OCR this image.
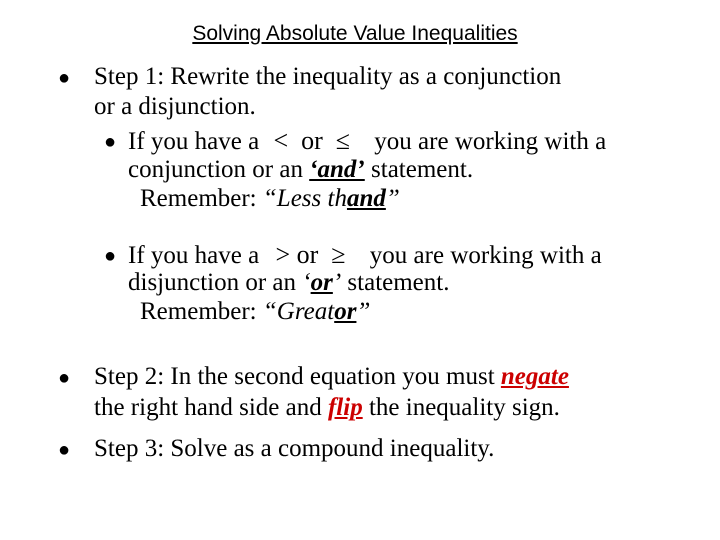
Solving Absolute Value Inequalities
● Step 1: Rewrite the inequality as a conjunction
or a disjunction.
● If you have a <  or  ≤ you are working with a
conjunction or an ‘and’ statement.
Remember: “Less thand”
● If you have a > or  ≥ you are working with a
disjunction or an ‘or’ statement.
Remember: “Greator”
● Step 2: In the second equation you must negate
the right hand side and flip the inequality sign.
● Step 3: Solve as a compound inequality.
